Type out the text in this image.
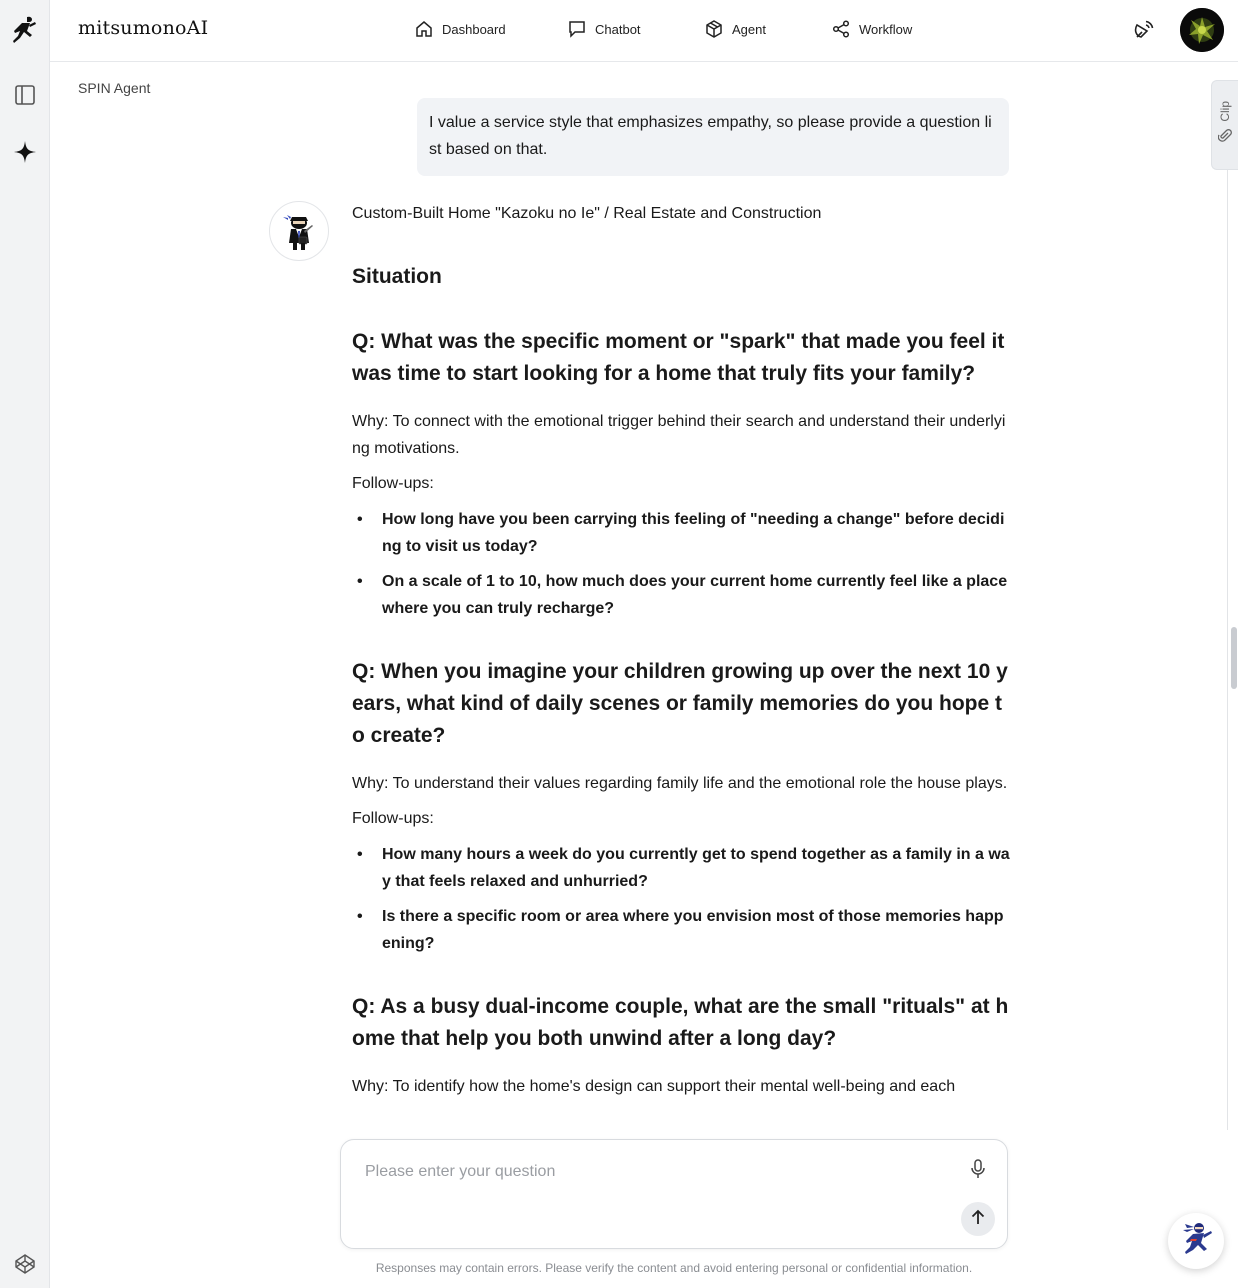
mitsumonoAI	Dashboard	Chatbot	Agent	Workflow
SPIN Agent
I value a service style that emphasizes empathy, so please provide a question list based on that.
Custom-Built Home "Kazoku no Ie" / Real Estate and Construction
Situation
Q: What was the specific moment or "spark" that made you feel it was time to start looking for a home that truly fits your family?

Why: To connect with the emotional trigger behind their search and understand their underlying motivations.

Follow-ups:

• How long have you been carrying this feeling of "needing a change" before deciding to visit us today?
• On a scale of 1 to 10, how much does your current home currently feel like a place where you can truly recharge?
Q: When you imagine your children growing up over the next 10 years, what kind of daily scenes or family memories do you hope to create?

Why: To understand their values regarding family life and the emotional role the house plays.

Follow-ups:

• How many hours a week do you currently get to spend together as a family in a way that feels relaxed and unhurried?
• Is there a specific room or area where you envision most of those memories happening?
Q: As a busy dual-income couple, what are the small "rituals" at home that help you both unwind after a long day?

Why: To identify how the home's design can support their mental well-being and each

Clip
Please enter your question
Responses may contain errors. Please verify the content and avoid entering personal or confidential information.
